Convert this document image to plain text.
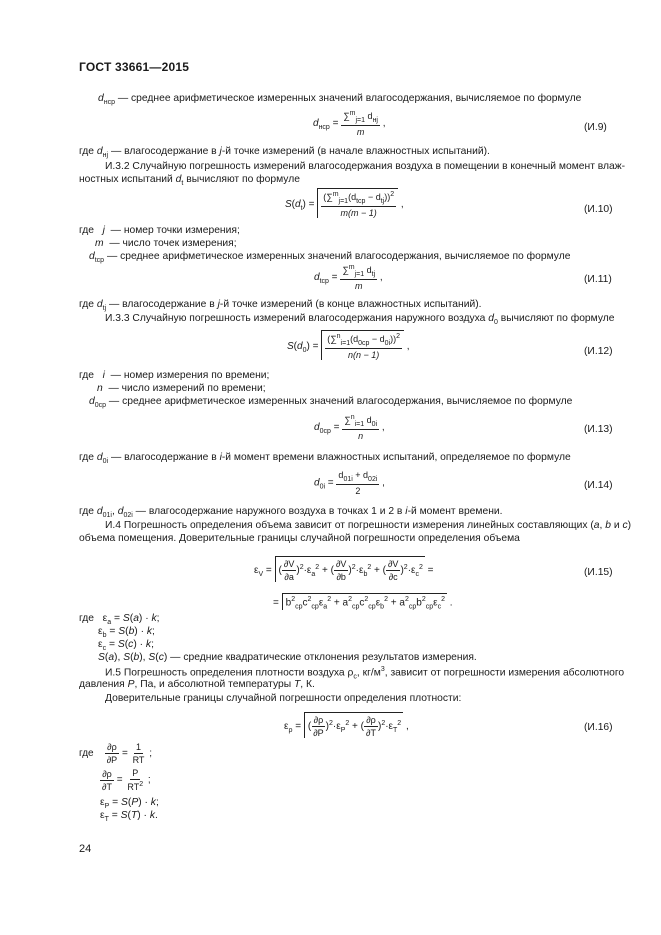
ГОСТ 33661—2015
$d_{нср}$ — среднее арифметическое измеренных значений влагосодержания, вычисляемое по формуле
$d_{нср} = \frac{\sum^m_{j=1} d_{нj}}{m}$ ,	(И.9)
где $d_{нj}$ — влагосодержание в j-й точке измерений (в начале влажностных испытаний).
И.3.2 Случайную погрешность измерений влагосодержания воздуха в помещении в конечный момент влаж-
ностных испытаний $d_t$ вычисляют по формуле
$S(d_t) = \frac{(\sum^m_{j=1}(d_{tср} - d_{tj}))^2}{m(m - 1)}$ ,	(И.10)
где j — номер точки измерения;
m — число точек измерения;
$d_{tср}$ — среднее арифметическое измеренных значений влагосодержания, вычисляемое по формуле
$d_{tср} = \frac{\sum^m_{j=1} d_{tj}}{m}$ ,	(И.11)
где $d_{tj}$ — влагосодержание в j-й точке измерений (в конце влажностных испытаний).
И.3.3 Случайную погрешность измерений влагосодержания наружного воздуха $d_0$ вычисляют по формуле
$S(d_0) = \frac{(\sum^n_{i=1}(d_{0ср} - d_{0i}))^2}{n(n - 1)}$ ,	(И.12)
где i — номер измерения по времени;
n — число измерений по времени;
$d_{0ср}$ — среднее арифметическое измеренных значений влагосодержания, вычисляемое по формуле
$d_{0ср} = \frac{\sum^n_{i=1} d_{0i}}{n}$ ,	(И.13)
где $d_{0i}$ — влагосодержание в i-й момент времени влажностных испытаний, определяемое по формуле
$d_{0i} = \frac{d_{01i} + d_{02i}}{2}$ ,	(И.14)
где $d_{01i}$, $d_{02i}$ — влагосодержание наружного воздуха в точках 1 и 2 в i-й момент времени.
И.4 Погрешность определения объема зависит от погрешности измерения линейных составляющих (a, b и c)
объема помещения. Доверительные границы случайной погрешности определения объема
$\varepsilon_V$ = ( $\frac{\partial V}{\partial a} )^2\cdot\varepsilon_a^2$ + ( $\frac{\partial V}{\partial b} )^2\cdot\varepsilon_b^2$ + ( $\frac{\partial V}{\partial c} )^2\cdot\varepsilon_c^2$ =	(И.15)
= $b^2_{ср}c^2_{ср}\varepsilon_a^2 + a^2_{ср}c^2_{ср}\varepsilon_b^2 + a^2_{ср}b^2_{ср}\varepsilon_c^2$ .
где   $\varepsilon_a = S(a) \cdot k$;
$\varepsilon_b = S(b) \cdot k$;
$\varepsilon_c = S(c) \cdot k$;
S(a), S(b), S(c) — средние квадратические отклонения результатов измерения.
И.5 Погрешность определения плотности воздуха $\rho_с$, $кг/м^3$, зависит от погрешности измерения абсолютного
давления P, Па, и абсолютной температуры T, К.
Доверительные границы случайной погрешности определения плотности:
$\varepsilon_\rho$ = ( $\frac{\partial\rho}{\partial P} )^2\cdot\varepsilon_P^2$ + ( $\frac{\partial\rho}{\partial T} )^2\cdot\varepsilon_T^2$ ,	(И.16)
где $\frac{\partial\rho}{\partial P} = \frac{1}{RT}$ ;
$\frac{\partial\rho}{\partial T} = \frac{P}{RT^2}$ ;
$\varepsilon_P = S(P) \cdot k$;
$\varepsilon_T = S(T) \cdot k$.
24
